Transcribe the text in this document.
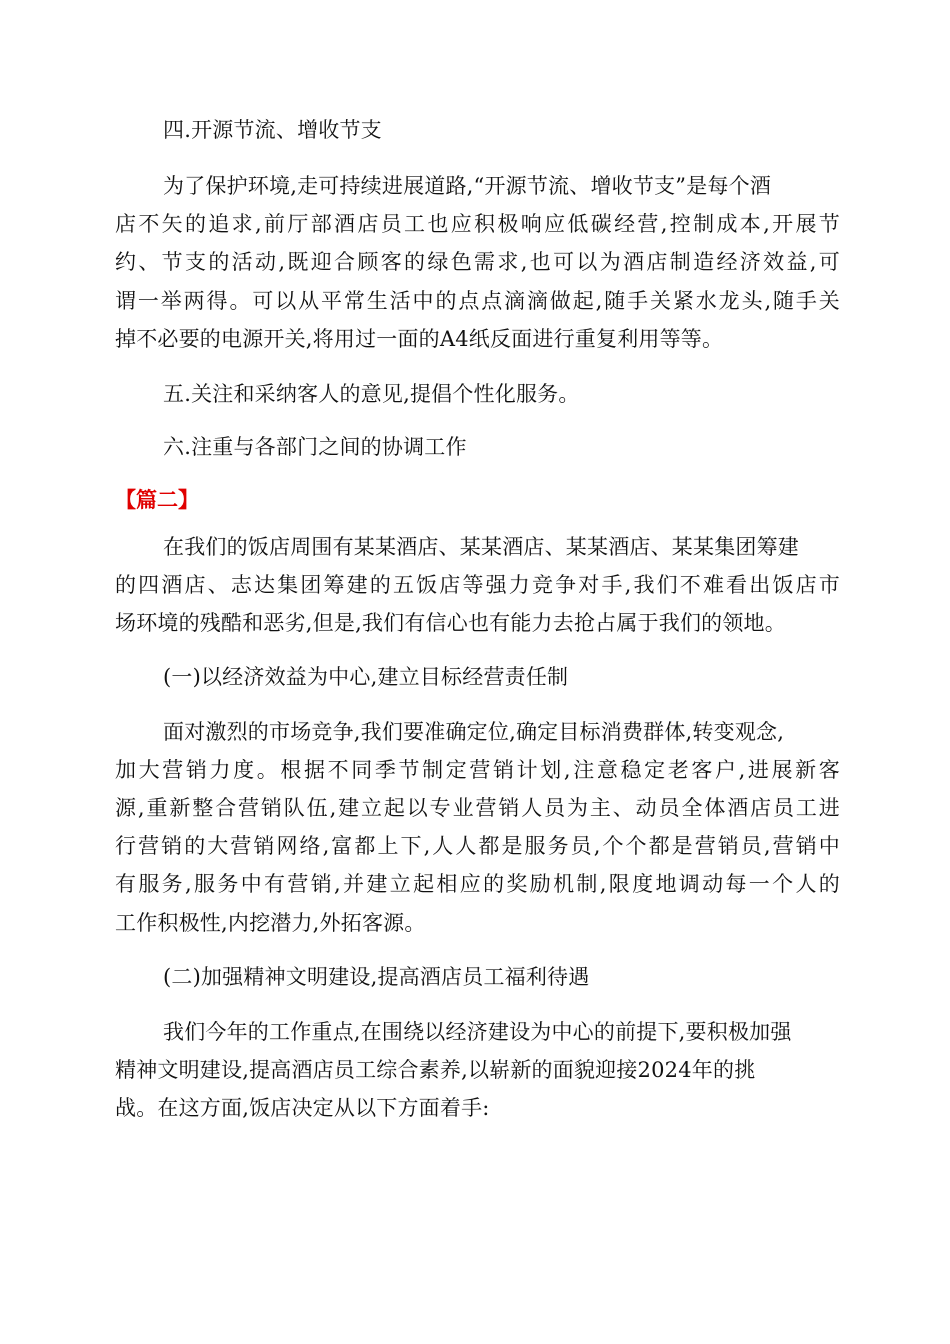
四.开源节流、增收节支
为了保护环境,走可持续进展道路,“开源节流、增收节支”是每个酒
店不矢的追求,前厅部酒店员工也应积极响应低碳经营,控制成本,开展节
约、节支的活动,既迎合顾客的绿色需求,也可以为酒店制造经济效益,可
谓一举两得。可以从平常生活中的点点滴滴做起,随手关紧水龙头,随手关
掉不必要的电源开关,将用过一面的A4纸反面进行重复利用等等。
五.关注和采纳客人的意见,提倡个性化服务。
六.注重与各部门之间的协调工作
【篇二】
在我们的饭店周围有某某酒店、某某酒店、某某酒店、某某集团筹建
的四酒店、志达集团筹建的五饭店等强力竞争对手,我们不难看出饭店市
场环境的残酷和恶劣,但是,我们有信心也有能力去抢占属于我们的领地。
(一)以经济效益为中心,建立目标经营责任制
面对激烈的市场竞争,我们要准确定位,确定目标消费群体,转变观念,
加大营销力度。根据不同季节制定营销计划,注意稳定老客户,进展新客
源,重新整合营销队伍,建立起以专业营销人员为主、动员全体酒店员工进
行营销的大营销网络,富都上下,人人都是服务员,个个都是营销员,营销中
有服务,服务中有营销,并建立起相应的奖励机制,限度地调动每一个人的
工作积极性,内挖潜力,外拓客源。
(二)加强精神文明建设,提高酒店员工福利待遇
我们今年的工作重点,在围绕以经济建设为中心的前提下,要积极加强
精神文明建设,提高酒店员工综合素养,以崭新的面貌迎接2024年的挑
战。在这方面,饭店决定从以下方面着手:
